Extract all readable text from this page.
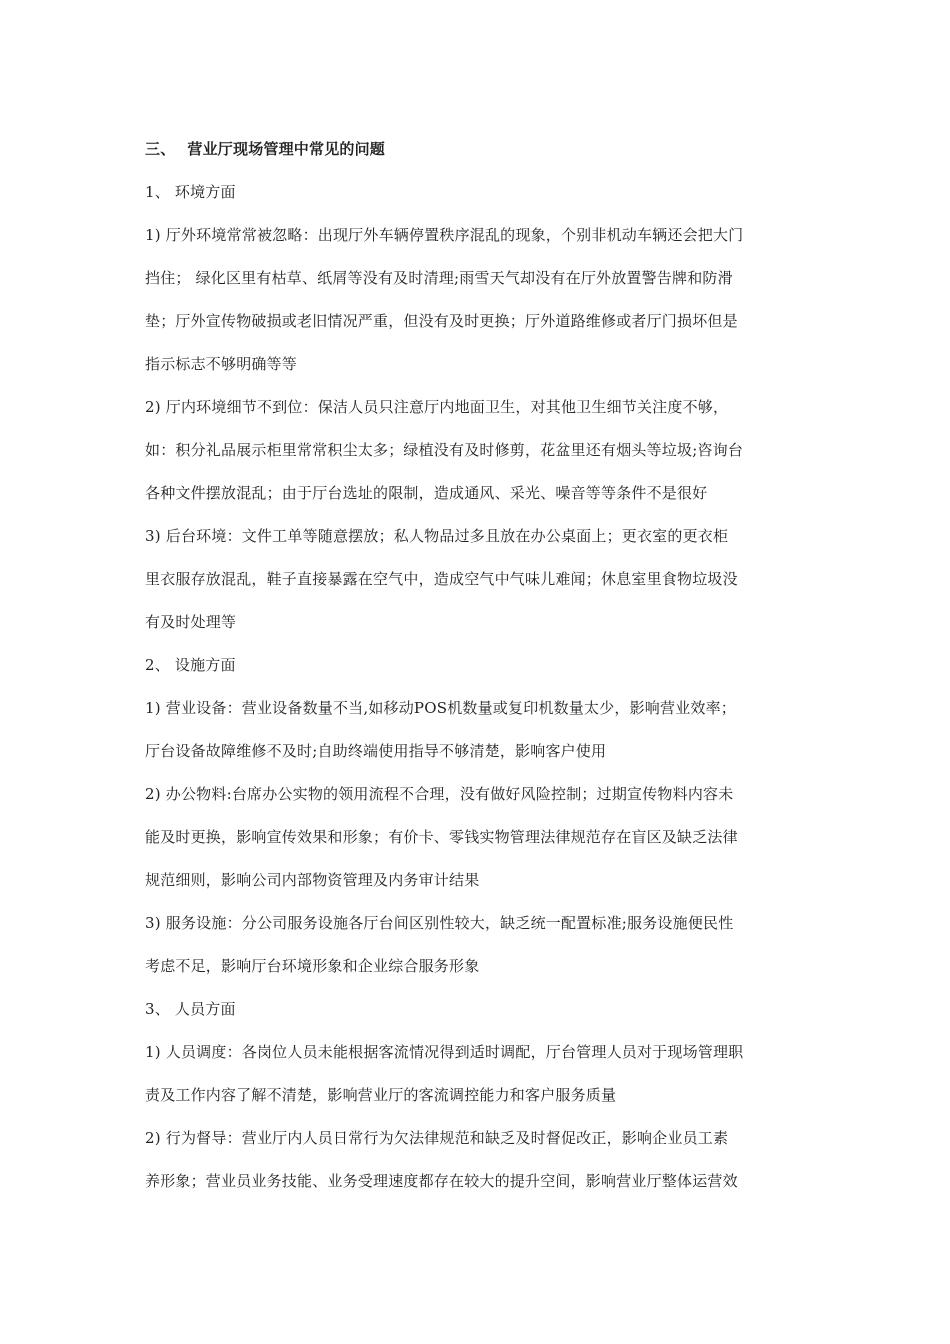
三、 营业厅现场管理中常见的问题
1、 环境方面
1) 厅外环境常常被忽略：出现厅外车辆停置秩序混乱的现象，个别非机动车辆还会把大门
挡住； 绿化区里有枯草、纸屑等没有及时清理;雨雪天气却没有在厅外放置警告牌和防滑
垫；厅外宣传物破损或老旧情况严重，但没有及时更换；厅外道路维修或者厅门损坏但是
指示标志不够明确等等
2) 厅内环境细节不到位：保洁人员只注意厅内地面卫生，对其他卫生细节关注度不够，
如：积分礼品展示柜里常常积尘太多；绿植没有及时修剪，花盆里还有烟头等垃圾;咨询台
各种文件摆放混乱；由于厅台选址的限制，造成通风、采光、噪音等等条件不是很好
3) 后台环境：文件工单等随意摆放；私人物品过多且放在办公桌面上；更衣室的更衣柜
里衣服存放混乱，鞋子直接暴露在空气中，造成空气中气味儿难闻；休息室里食物垃圾没
有及时处理等
2、 设施方面
1) 营业设备：营业设备数量不当,如移动POS机数量或复印机数量太少，影响营业效率；
厅台设备故障维修不及时;自助终端使用指导不够清楚，影响客户使用
2) 办公物料:台席办公实物的领用流程不合理，没有做好风险控制；过期宣传物料内容未
能及时更换，影响宣传效果和形象；有价卡、零钱实物管理法律规范存在盲区及缺乏法律
规范细则，影响公司内部物资管理及内务审计结果
3) 服务设施：分公司服务设施各厅台间区别性较大，缺乏统一配置标准;服务设施便民性
考虑不足，影响厅台环境形象和企业综合服务形象
3、 人员方面
1) 人员调度：各岗位人员未能根据客流情况得到适时调配，厅台管理人员对于现场管理职
责及工作内容了解不清楚，影响营业厅的客流调控能力和客户服务质量
2) 行为督导：营业厅内人员日常行为欠法律规范和缺乏及时督促改正，影响企业员工素
养形象；营业员业务技能、业务受理速度都存在较大的提升空间，影响营业厅整体运营效
